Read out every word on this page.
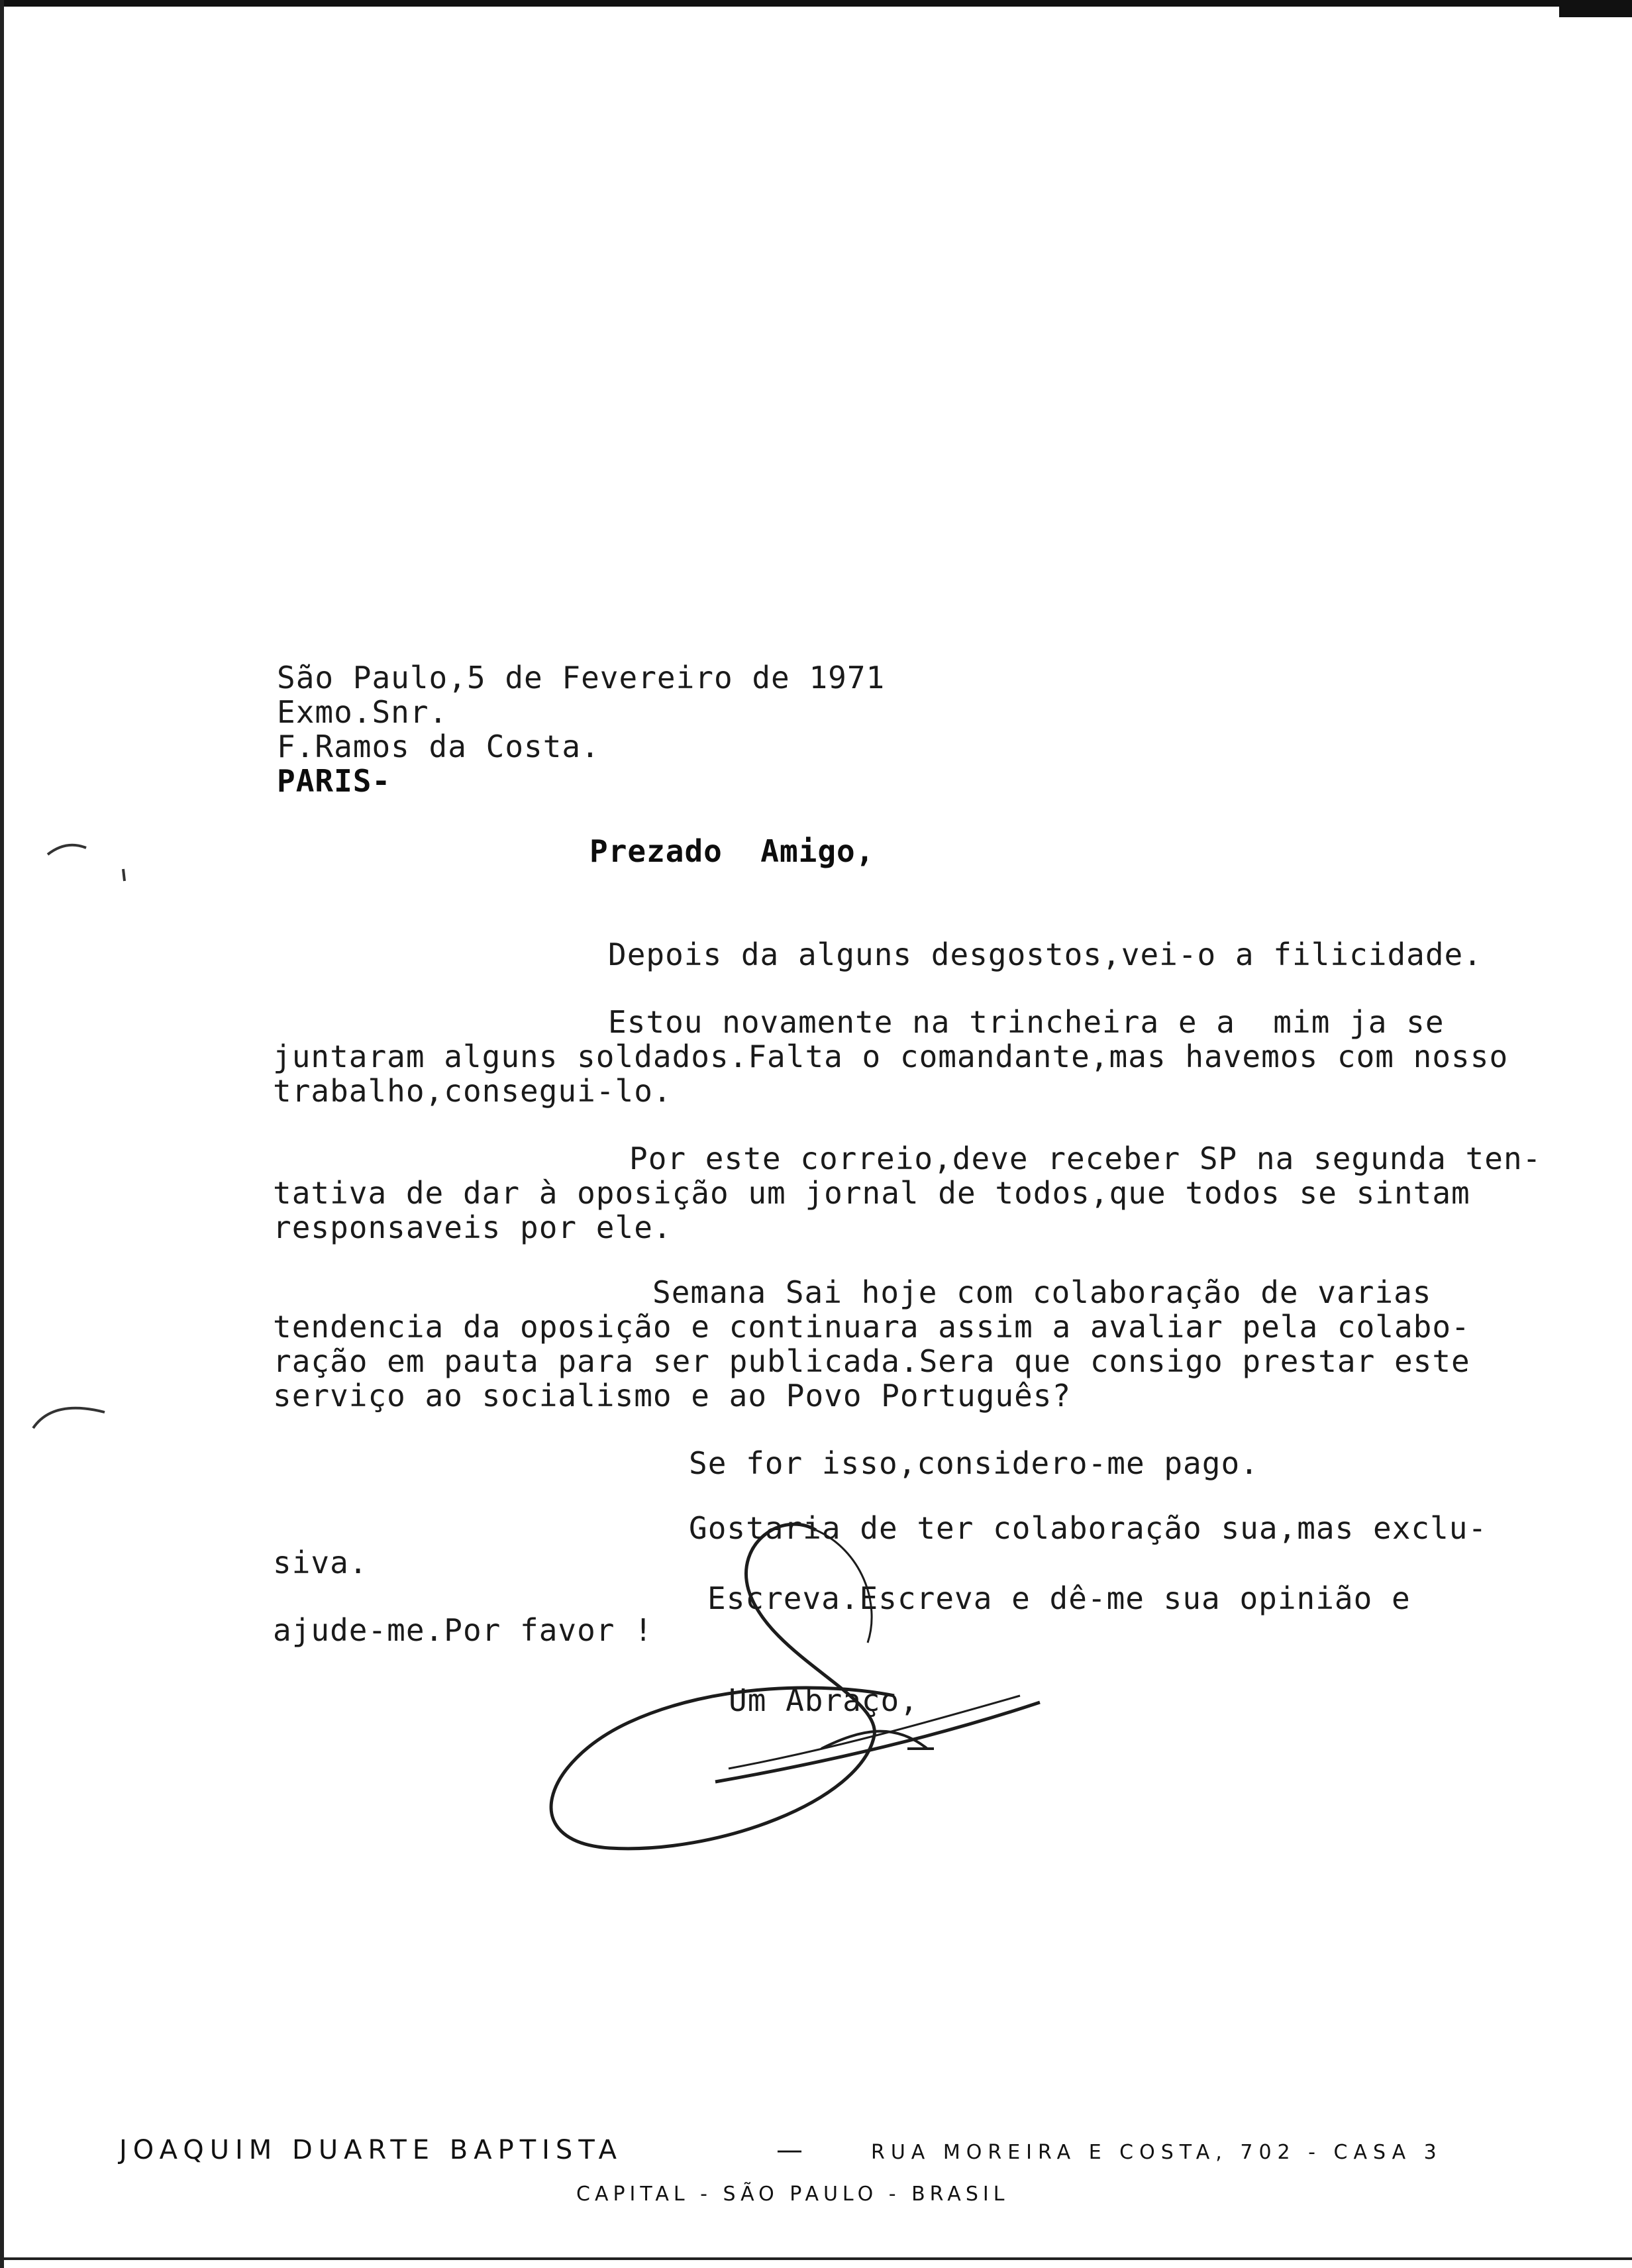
São Paulo,5 de Fevereiro de 1971
Exmo.Snr.
F.Ramos da Costa.
PARIS-
Prezado  Amigo,
Depois da alguns desgostos,vei-o a filicidade.
Estou novamente na trincheira e a  mim ja se
juntaram alguns soldados.Falta o comandante,mas havemos com nosso
trabalho,consegui-lo.
Por este correio,deve receber SP na segunda ten-
tativa de dar à oposição um jornal de todos,que todos se sintam
responsaveis por ele.
Semana Sai hoje com colaboração de varias
tendencia da oposição e continuara assim a avaliar pela colabo-
ração em pauta para ser publicada.Sera que consigo prestar este
serviço ao socialismo e ao Povo Português?
Se for isso,considero-me pago.
Gostaria de ter colaboração sua,mas exclu-
siva.
Escreva.Escreva e dê-me sua opinião e
ajude-me.Por favor !
Um Abraço,
JOAQUIM DUARTE BAPTISTA	—	RUA MOREIRA E COSTA, 702 - CASA 3
CAPITAL - SÃO PAULO - BRASIL
